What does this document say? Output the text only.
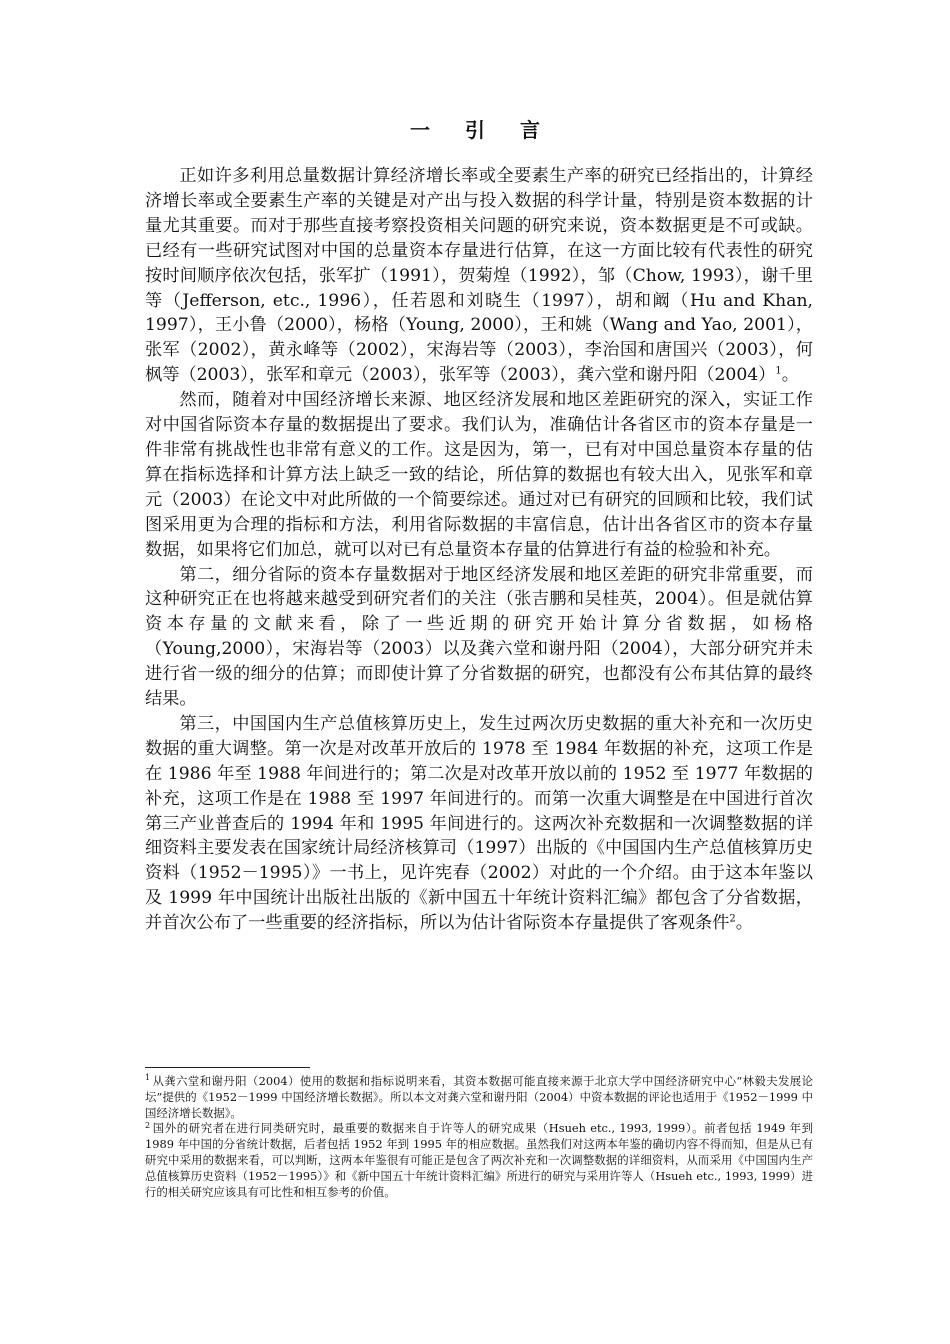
一 引 言

正如许多利用总量数据计算经济增长率或全要素生产率的研究已经指出的，计算经济增长率或全要素生产率的关键是对产出与投入数据的科学计量，特别是资本数据的计量尤其重要。而对于那些直接考察投资相关问题的研究来说，资本数据更是不可或缺。已经有一些研究试图对中国的总量资本存量进行估算，在这一方面比较有代表性的研究按时间顺序依次包括，张军扩（1991），贺菊煌（1992），邹（Chow, 1993），谢千里等（Jefferson, etc., 1996），任若恩和刘晓生（1997），胡和阚（Hu and Khan, 1997），王小鲁（2000），杨格（Young, 2000），王和姚（Wang and Yao, 2001），张军（2002），黄永峰等（2002），宋海岩等（2003），李治国和唐国兴（2003），何枫等（2003），张军和章元（2003），张军等（2003），龚六堂和谢丹阳$(2004)^1$。

然而，随着对中国经济增长来源、地区经济发展和地区差距研究的深入，实证工作对中国省际资本存量的数据提出了要求。我们认为，准确估计各省区市的资本存量是一件非常有挑战性也非常有意义的工作。这是因为，第一，已有对中国总量资本存量的估算在指标选择和计算方法上缺乏一致的结论，所估算的数据也有较大出入，见张军和章元（2003）在论文中对此所做的一个简要综述。通过对已有研究的回顾和比较，我们试图采用更为合理的指标和方法，利用省际数据的丰富信息，估计出各省区市的资本存量数据，如果将它们加总，就可以对已有总量资本存量的估算进行有益的检验和补充。

第二，细分省际的资本存量数据对于地区经济发展和地区差距的研究非常重要，而这种研究正在也将越来越受到研究者们的关注（张吉鹏和吴桂英，2004）。但是就估算资本存量的文献来看，除了一些近期的研究开始计算分省数据，如杨格（Young,2000），宋海岩等（2003）以及龚六堂和谢丹阳（2004），大部分研究并未进行省一级的细分的估算；而即使计算了分省数据的研究，也都没有公布其估算的最终结果。

第三，中国国内生产总值核算历史上，发生过两次历史数据的重大补充和一次历史数据的重大调整。第一次是对改革开放后的 1978 至 1984 年数据的补充，这项工作是在 1986 年至 1988 年间进行的；第二次是对改革开放以前的 1952 至 1977 年数据的补充，这项工作是在 1988 至 1997 年间进行的。而第一次重大调整是在中国进行首次第三产业普查后的 1994 年和 1995 年间进行的。这两次补充数据和一次调整数据的详细资料主要发表在国家统计局经济核算司（1997）出版的《中国国内生产总值核算历史资料（1952－1995）》一书上，见许宪春（2002）对此的一个介绍。由于这本年鉴以及 1999 年中国统计出版社出版的《新中国五十年统计资料汇编》都包含了分省数据，并首次公布了一些重要的经济指标，所以为估计省际资本存量提供了客观条件$^2$。

$^1$ 从龚六堂和谢丹阳（2004）使用的数据和指标说明来看，其资本数据可能直接来源于北京大学中国经济研究中心“林毅夫发展论坛”提供的《1952－1999 中国经济增长数据》。所以本文对龚六堂和谢丹阳（2004）中资本数据的评论也适用于《1952－1999 中国经济增长数据》。

$^2$ 国外的研究者在进行同类研究时，最重要的数据来自于许等人的研究成果（Hsueh etc., 1993, 1999）。前者包括 1949 年到 1989 年中国的分省统计数据，后者包括 1952 年到 1995 年的相应数据。虽然我们对这两本年鉴的确切内容不得而知，但是从已有研究中采用的数据来看，可以判断，这两本年鉴很有可能正是包含了两次补充和一次调整数据的详细资料，从而采用《中国国内生产总值核算历史资料（1952－1995）》和《新中国五十年统计资料汇编》所进行的研究与采用许等人（Hsueh etc., 1993, 1999）进行的相关研究应该具有可比性和相互参考的价值。
